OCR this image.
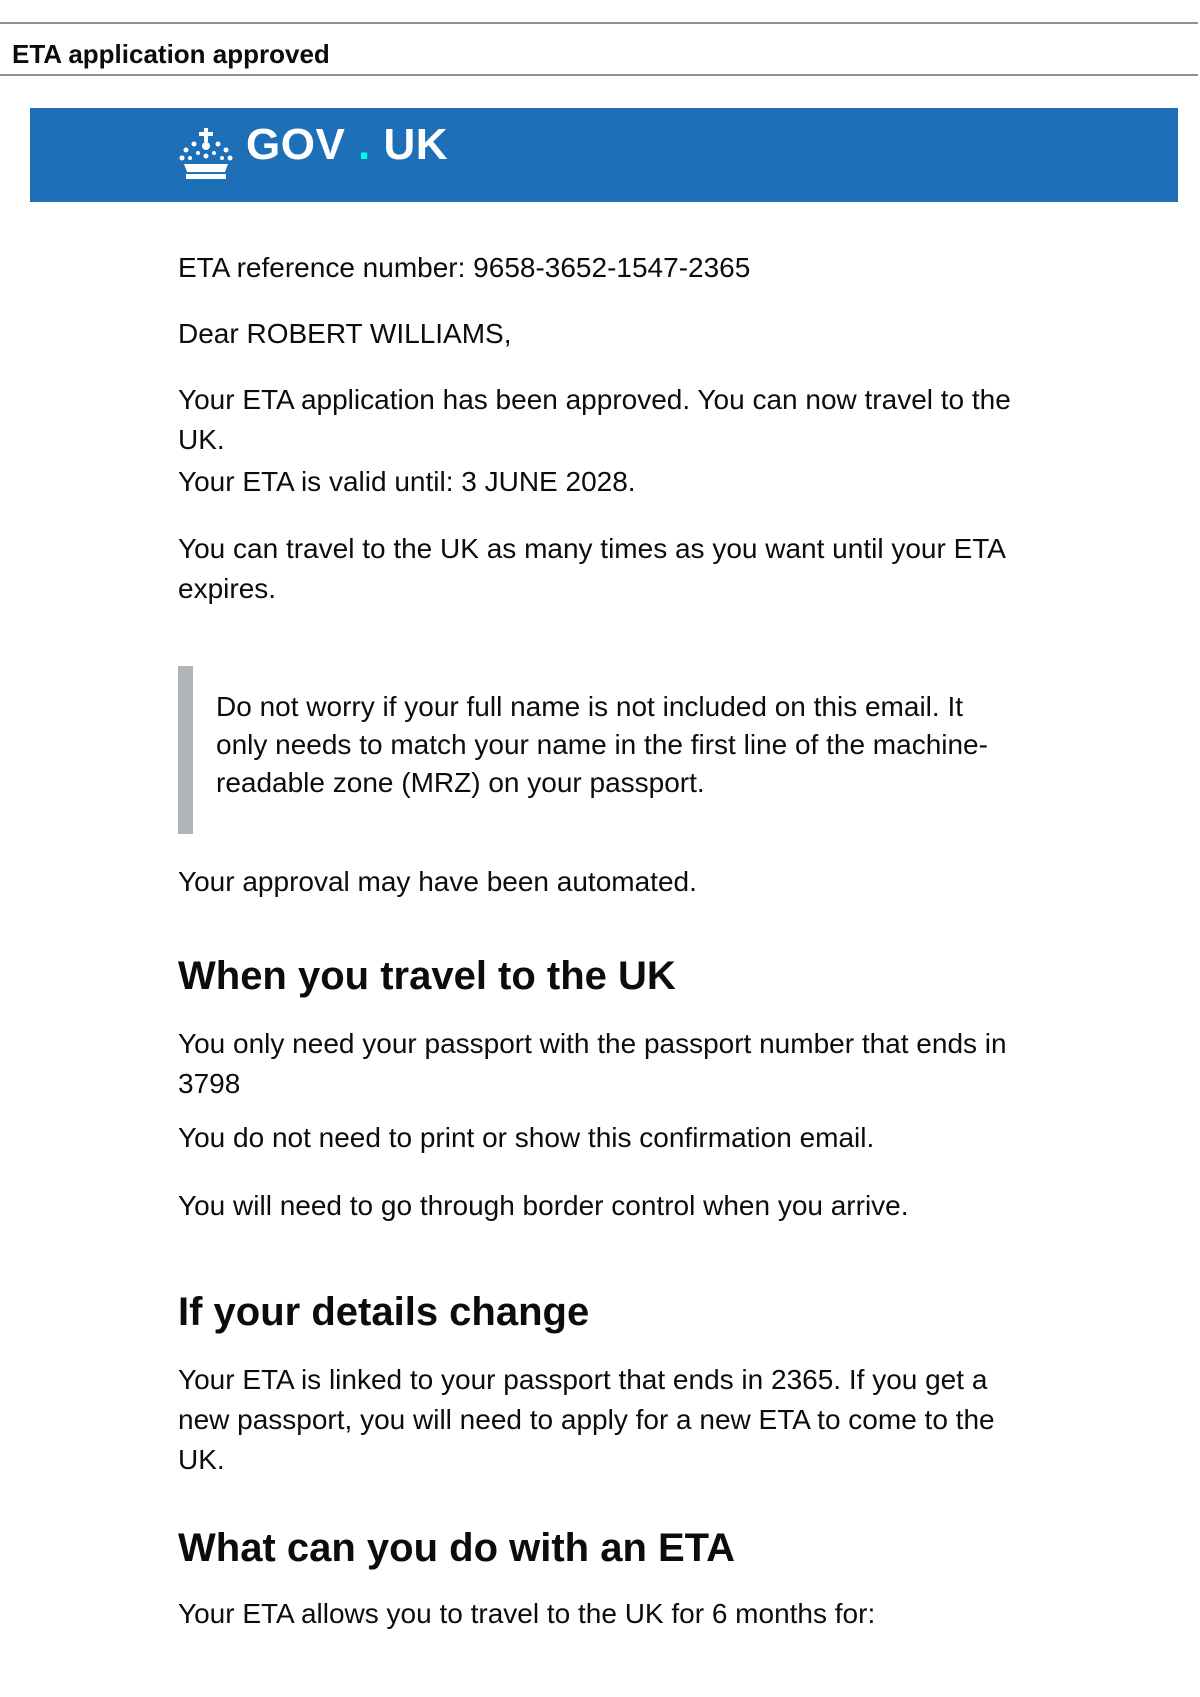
ETA application approved
GOV . UK

ETA reference number: 9658-3652-1547-2365

Dear ROBERT WILLIAMS,

Your ETA application has been approved. You can now travel to the UK.

Your ETA is valid until: 3 JUNE 2028.

You can travel to the UK as many times as you want until your ETA expires.

Do not worry if your full name is not included on this email. It only needs to match your name in the first line of the machine-readable zone (MRZ) on your passport.

Your approval may have been automated.

When you travel to the UK

You only need your passport with the passport number that ends in 3798

You do not need to print or show this confirmation email.

You will need to go through border control when you arrive.

If your details change

Your ETA is linked to your passport that ends in 2365. If you get a new passport, you will need to apply for a new ETA to come to the UK.

What can you do with an ETA

Your ETA allows you to travel to the UK for 6 months for:
